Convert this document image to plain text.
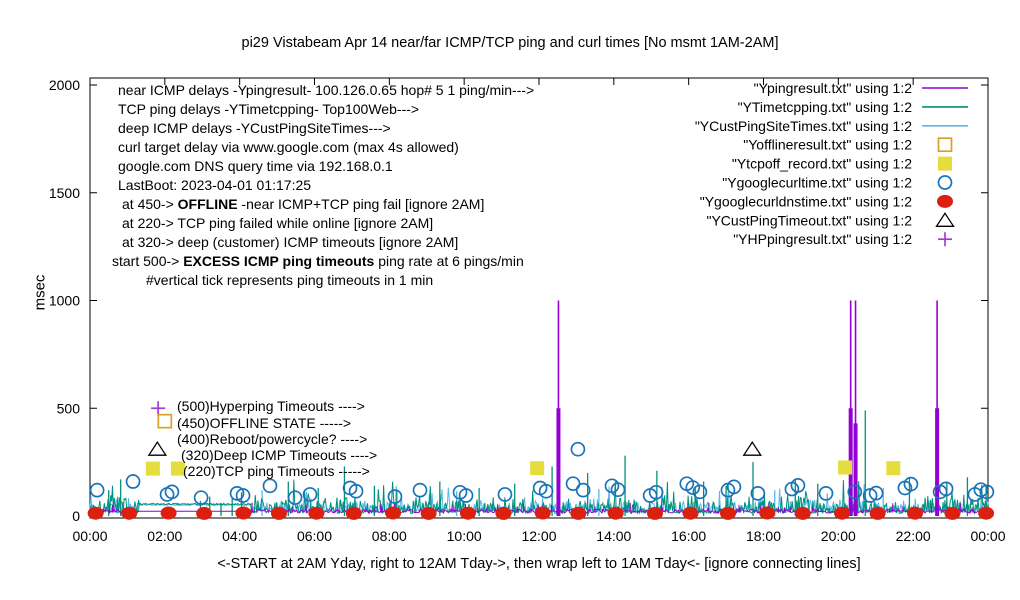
pi29 Vistabeam Apr 14 near/far ICMP/TCP ping and curl times [No msmt 1AM-2AM]
msec
00:00	02:00	04:00	06:00	08:00	10:00	12:00	14:00	16:00	18:00	20:00	22:00	00:00
0
500
1000
1500
2000	near ICMP delays -Ypingresult- 100.126.0.65 hop# 5 1 ping/min--->
TCP ping delays -YTimetcpping- Top100Web--->
deep ICMP delays -YCustPingSiteTimes--->
curl target delay via www.google.com (max 4s allowed)
google.com DNS query time via 192.168.0.1
LastBoot: 2023-04-01 01:17:25
at 450-> OFFLINE -near ICMP+TCP ping fail [ignore 2AM]
at 220-> TCP ping failed while online [ignore 2AM]
at 320-> deep (customer) ICMP timeouts [ignore 2AM]
start 500-> EXCESS ICMP ping timeouts ping rate at 6 pings/min
#vertical tick represents ping timeouts in 1 min
(500)Hyperping Timeouts ---->
(450)OFFLINE STATE ----->
(400)Reboot/powercycle? ---->
(320)Deep ICMP Timeouts ---->
(220)TCP ping Timeouts ----->
"Ypingresult.txt" using 1:2
"YTimetcpping.txt" using 1:2
"YCustPingSiteTimes.txt" using 1:2
"Yofflineresult.txt" using 1:2
"Ytcpoff_record.txt" using 1:2
"Ygooglecurltime.txt" using 1:2
"Ygooglecurldnstime.txt" using 1:2
"YCustPingTimeout.txt" using 1:2
"YHPpingresult.txt" using 1:2
<-START at 2AM Yday, right to 12AM Tday->, then wrap left to 1AM Tday<- [ignore connecting lines]
